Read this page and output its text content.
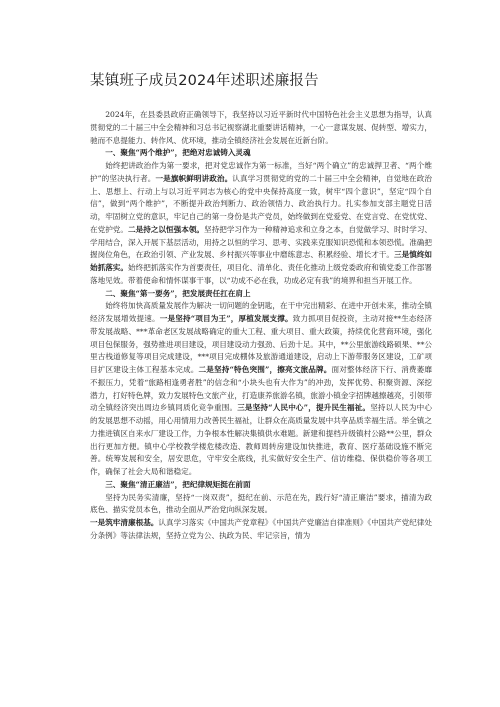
某镇班子成员2024年述职述廉报告

2024年，在县委县政府正确领导下，我坚持以习近平新时代中国特色社会主义思想为指导，认真贯彻党的二十届三中全会精神和习总书记视察湖北重要讲话精神，一心一意谋发展、促转型、增实力，驰而不息提能力、转作风、优环境，推动全镇经济社会发展在近新台阶。

一、聚焦“两个维护”，把绝对忠诚铸入灵魂

始终把讲政治作为第一要求，把对党忠诚作为第一标准，当好“两个确立”的忠诚捍卫者、“两个维护”的坚决执行者。一是旗帜鲜明讲政治。认真学习贯彻党的党的二十届三中全会精神，自觉地在政治上、思想上、行动上与以习近平同志为核心的党中央保持高度一致，树牢“四个意识”，坚定“四个自信”，做到“两个维护”，不断提升政治判断力、政治领悟力、政治执行力。扎实参加支部主题党日活动，牢固树立党的意识，牢记自己的第一身份是共产党员，始终做到在党爱党、在党言党、在党忧党、在党护党。二是持之以恒强本领。坚持把学习作为一种精神追求和立身之本，自觉做学习、时时学习、学用结合，深入开展下基层活动，用持之以恒的学习、思考、实践来克服知识恐慌和本领恐慌。准确把握岗位角色，在政治引领、产业发展、乡村振兴等事业中磨练意志、积累经验、增长才干。三是慎终如始抓落实。始终把抓落实作为首要责任，项目化、清单化、责任化推动上级党委政府和镇党委工作部署落地见效。带着使命和情怀谋事干事，以“功成不必在我，功成必定有我”的境界和担当开展工作。

二、聚焦“第一要务”，把发展责任扛在肩上

始终将加快高质量发展作为解决一切问题的金钥匙，在干中完出精彩、在进中开创未来，推动全镇经济发展增效提速。一是坚持“项目为王”，厚植发展支撑。致力抓项目促投资，主动对接**生态经济带发展战略、***革命老区发展战略确定的重大工程、重大项目、重大政策，持续优化营商环境，强化项目包保服务，强势推进项目建设，项目建设动力强劲、后劲十足。其中，**公里旅游线路硕果、**公里古栈道修复等项目完成建设，***项目完成棚体及旅游通道建设，启动上下游带服务区建设，工矿项目扩区建设主体工程基本完成。二是坚持“特色突围”，擦亮文旅品牌。面对整体经济下行、消费萎靡不振压力，凭着“旅路相逢勇者胜”的信念和“小块头也有大作为”的冲劲，发挥优势、积聚资源、深挖潜力，打好特色牌，致力发展特色文旅产业，打造康养旅游名镇，旅游小镇金字招牌越擦越亮，引领带动全镇经济突出周边乡镇同质化竞争重围。三是坚持“人民中心”，提升民生福祉。坚持以人民为中心的发展思想不动摇，用心用情用力改善民生福祉，让群众在高质量发展中共享品质幸福生活。举全镇之力推进镇区自来水厂建设工作，力争根本性解决集镇供水难题。新建和提档升级镇村公路**公里，群众出行更加方便。镇中心学校教学楼危楼改造、教师周转房建设加快推进，教育、医疗基础设施不断完善。统筹发展和安全，居安思危，守牢安全底线，扎实做好安全生产、信访维稳、保供稳价等各项工作，确保了社会大局和谐稳定。

三、聚焦“清正廉洁”，把纪律规矩挺在前面

坚持为民务实清廉，坚持“一岗双责”，挺纪在前、示范在先，践行好“清正廉洁”要求，描清为政底色、描实党员本色，推动全面从严治党向纵深发展。

一是筑牢清廉根基。认真学习落实《中国共产党章程》《中国共产党廉洁自律准则》《中国共产党纪律处分条例》等法律法规，坚持立党为公、执政为民、牢记宗旨，情为
